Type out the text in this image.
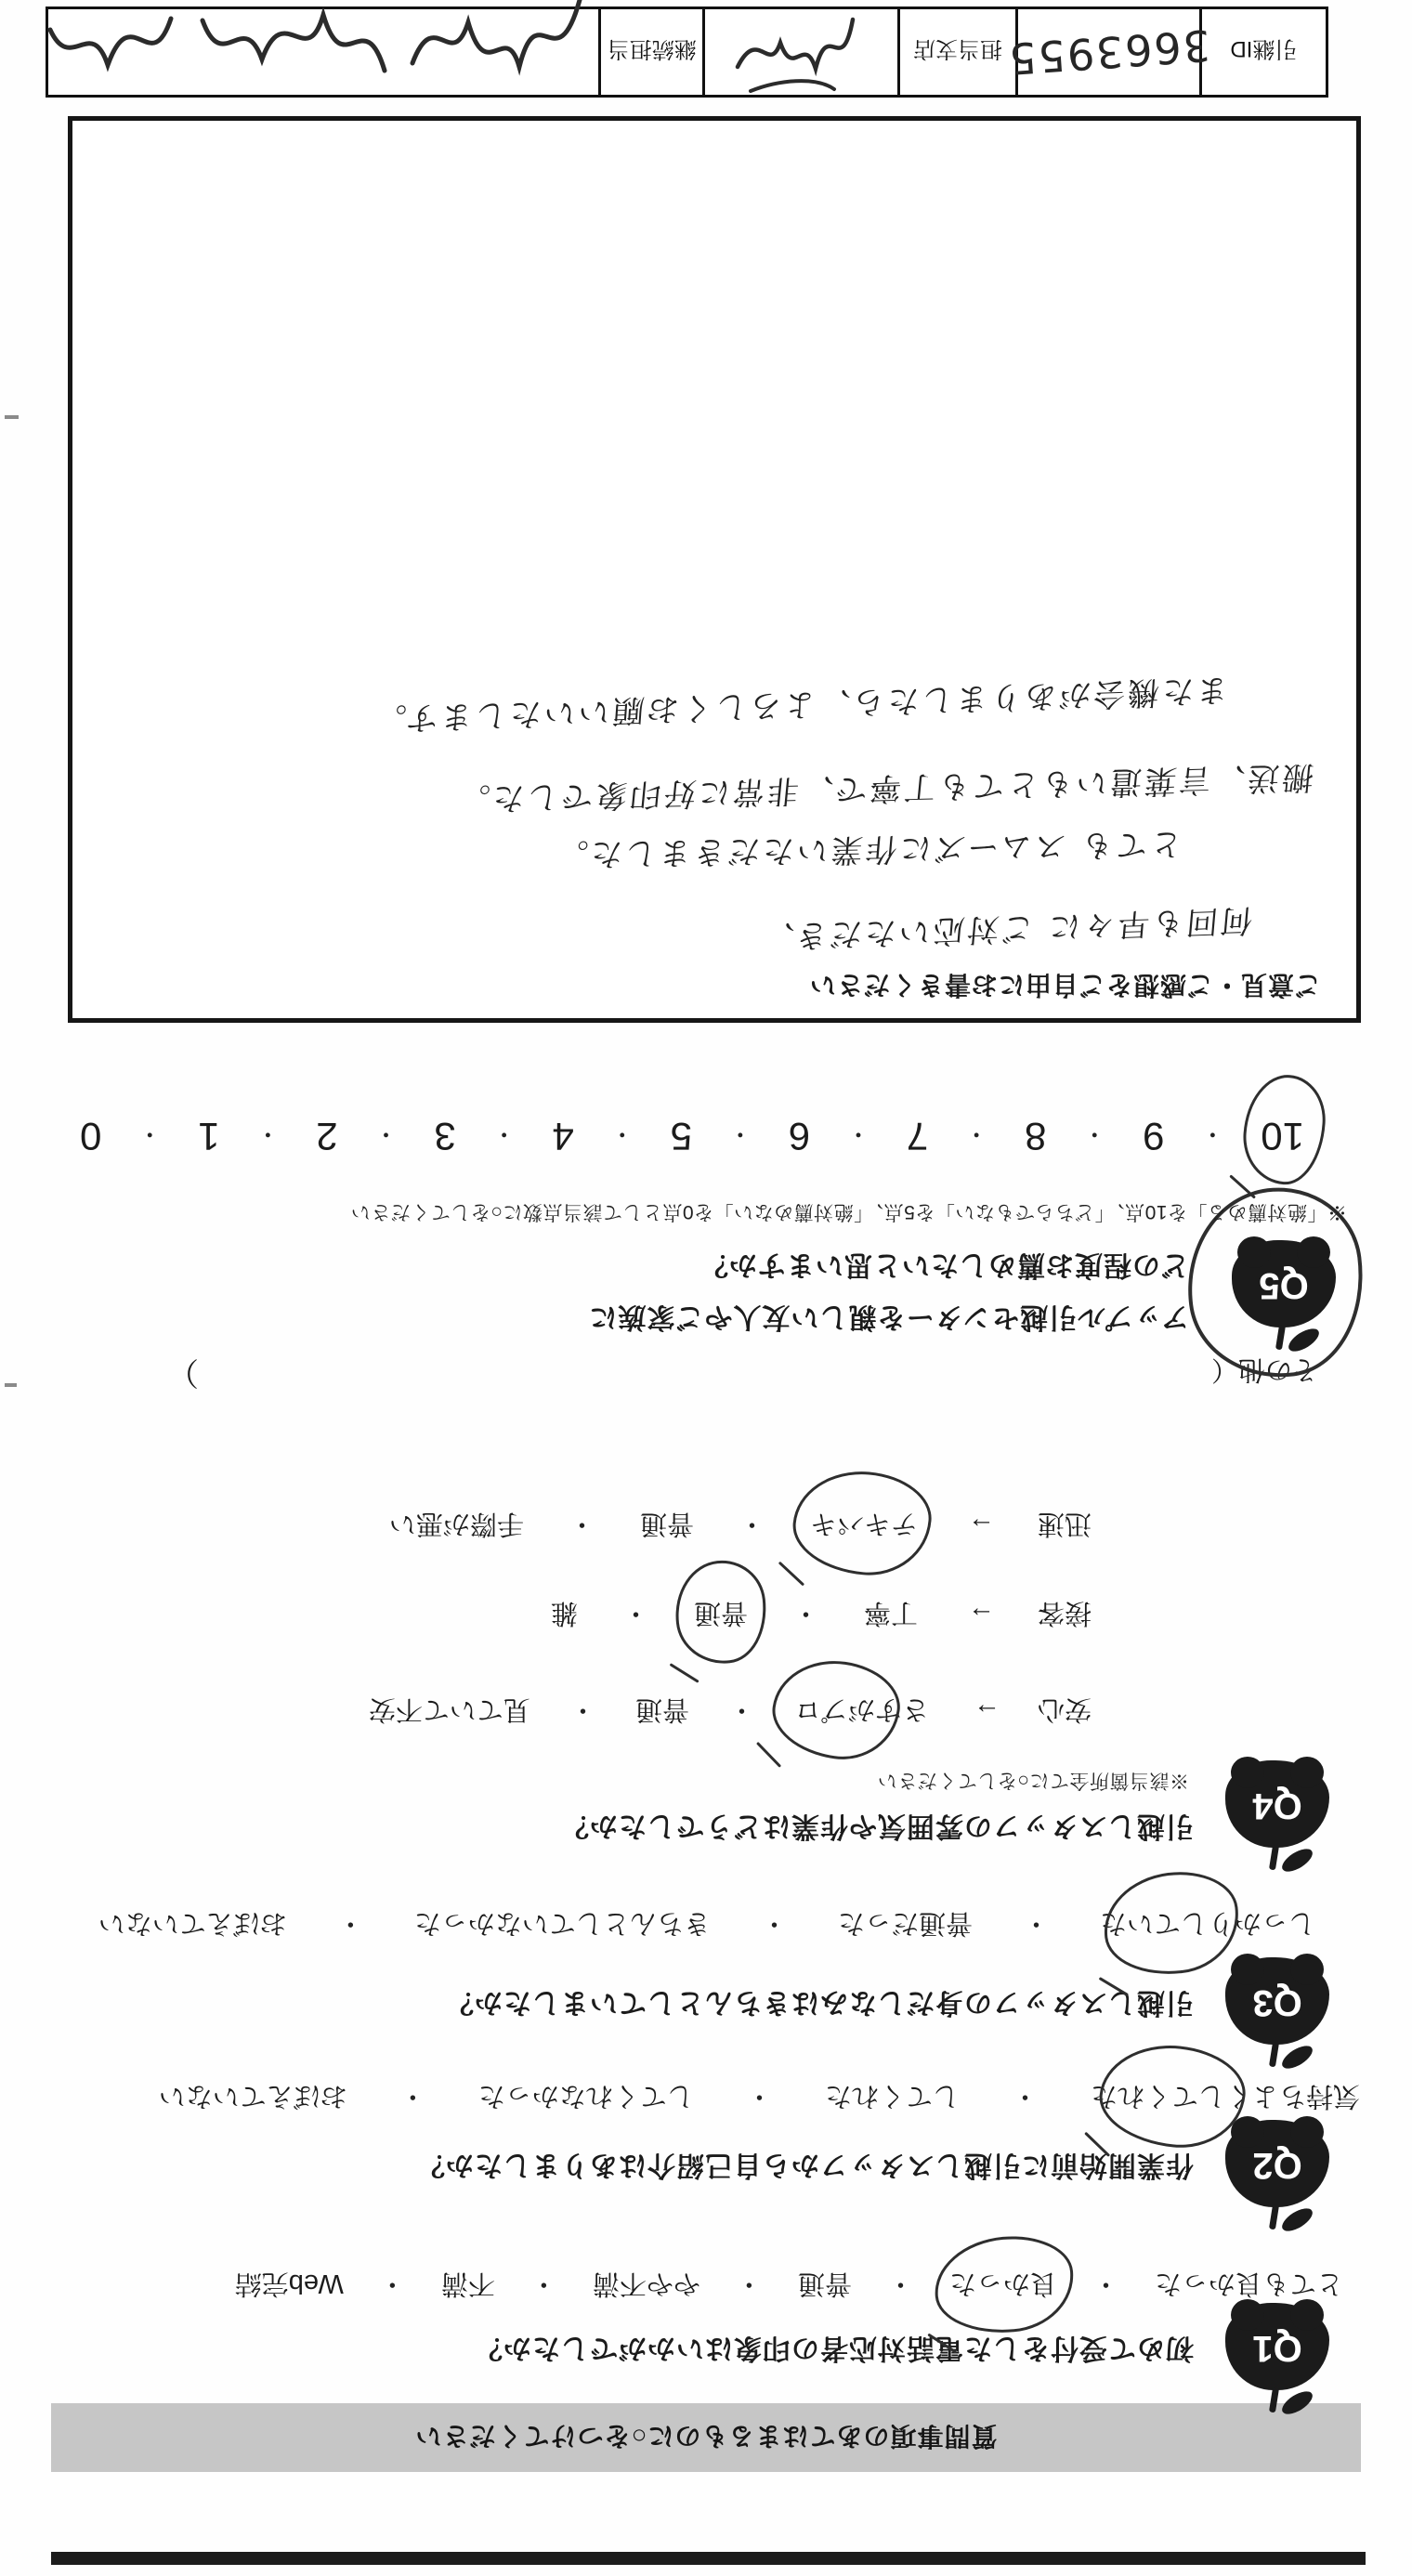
質問事項のあてはまるものに○をつけてください
Q1
初めて受付をした電話対応者の印象はいかがでしたか？
とても良かった
・
良かった
・
普通
・
やや不満
・
不満
・
Web完結
Q2
作業開始前に引越しスタッフから自己紹介はありましたか？
気持ちよくしてくれた
・
してくれた
・
してくれなかった
・
おぼえていない
Q3
引越しスタッフの身だしなみはきちんとしていましたか？
しっかりしていた
・
普通だった
・
きちんとしていなかった
・
おぼえていない
Q4
引越しスタッフの雰囲気や作業はどうでしたか？
※該当箇所全てに○をしてください
安心
→
さすがプロ
・
普通
・
見ていて不安
接客
→
丁寧
・
普通
・
雑
迅速
→
テキパキ
・
普通
・
手際が悪い
その他（
）
Q5
アップル引越センターを親しい友人やご家族に
どの程度お薦めしたいと思いますか？
※「絶対薦める」を10点、「どちらでもない」を5点、「絶対薦めない」を0点として該当点数に○をしてください
10
・
9
・
8
・
7
・
6
・
5
・
4
・
3
・
2
・
1
・
0
ご意見・ご感想をご自由にお書きください
何回も早々に ご対応いただき、
とても スムーズに作業いただきました。
搬送、言葉遣いもとても丁寧で、非常に好印象でした。
また機会がありましたら、よろしくお願いいたします。
引継ID
3663955
担当支店
継続担当
